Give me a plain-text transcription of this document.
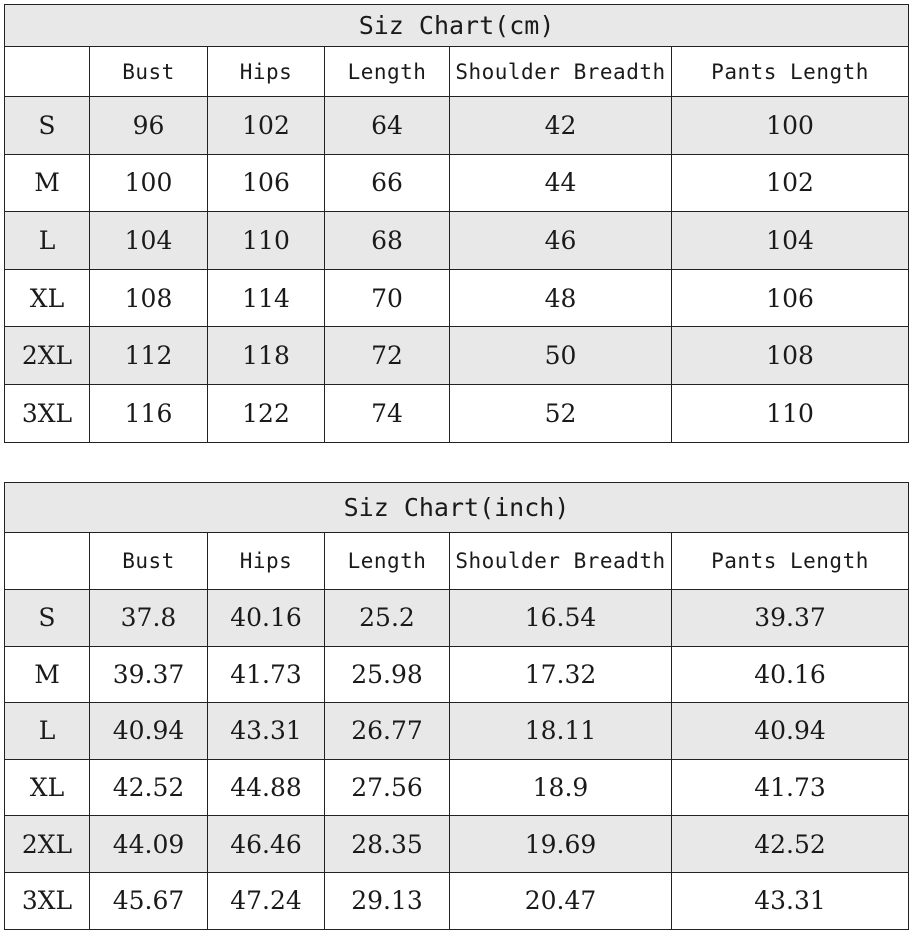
Siz Chart(cm)					
	Bust	Hips	Length	Shoulder Breadth	Pants Length
S	96	102	64	42	100
M	100	106	66	44	102
L	104	110	68	46	104
XL	108	114	70	48	106
2XL	112	118	72	50	108
3XL	116	122	74	52	110
Siz Chart(inch)					
	Bust	Hips	Length	Shoulder Breadth	Pants Length
S	37.8	40.16	25.2	16.54	39.37
M	39.37	41.73	25.98	17.32	40.16
L	40.94	43.31	26.77	18.11	40.94
XL	42.52	44.88	27.56	18.9	41.73
2XL	44.09	46.46	28.35	19.69	42.52
3XL	45.67	47.24	29.13	20.47	43.31
